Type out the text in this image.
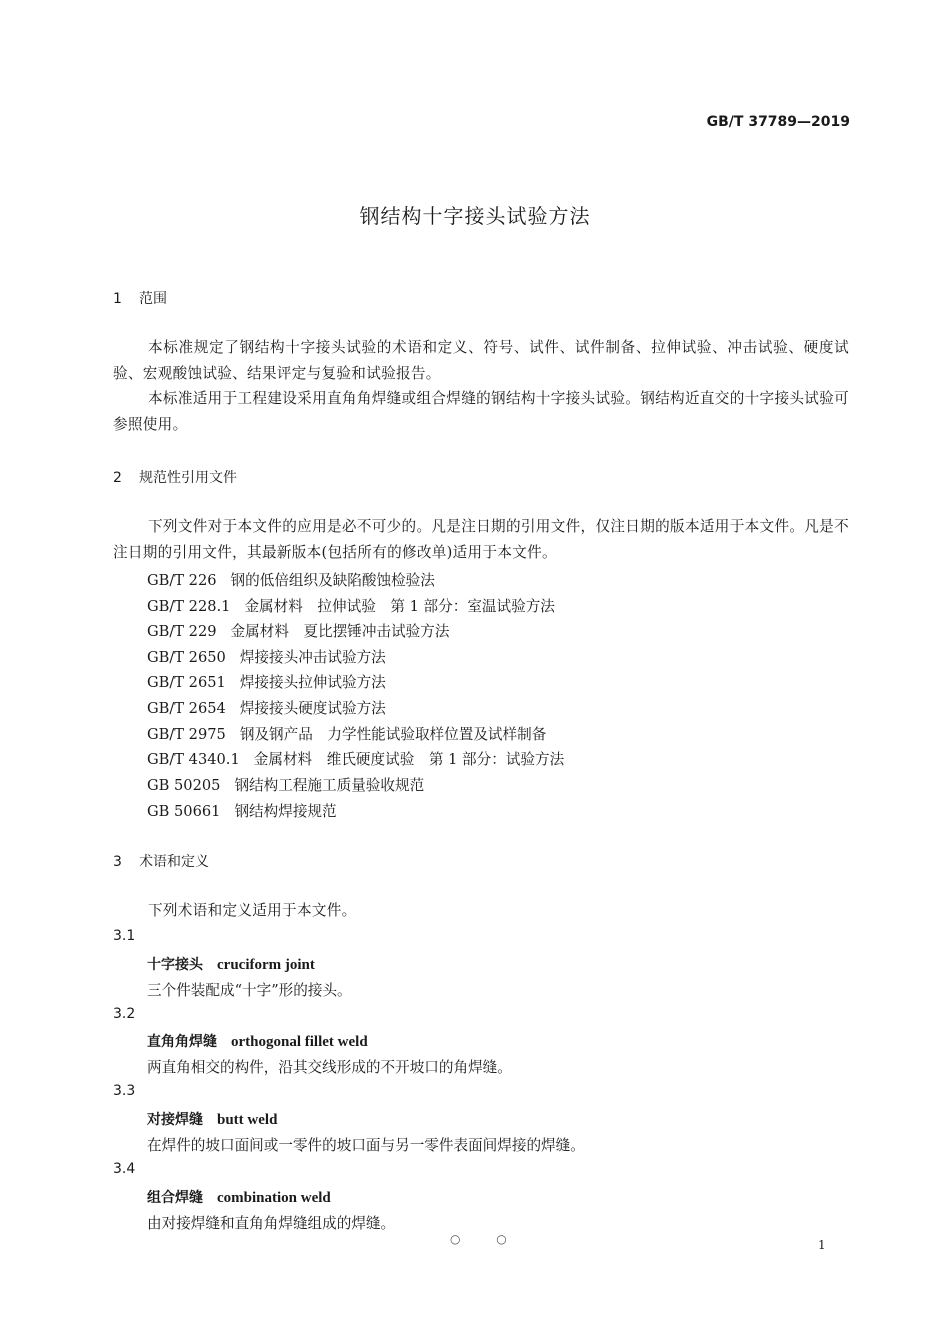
GB/T 37789—2019
钢结构十字接头试验方法
1 范围
本标准规定了钢结构十字接头试验的术语和定义、符号、试件、试件制备、拉伸试验、冲击试验、硬度试验、宏观酸蚀试验、结果评定与复验和试验报告。
本标准适用于工程建设采用直角角焊缝或组合焊缝的钢结构十字接头试验。钢结构近直交的十字接头试验可参照使用。
2 规范性引用文件
下列文件对于本文件的应用是必不可少的。凡是注日期的引用文件，仅注日期的版本适用于本文件。凡是不注日期的引用文件，其最新版本(包括所有的修改单)适用于本文件。
GB/T 226 钢的低倍组织及缺陷酸蚀检验法
GB/T 228.1 金属材料　拉伸试验　第 1 部分：室温试验方法
GB/T 229 金属材料　夏比摆锤冲击试验方法
GB/T 2650 焊接接头冲击试验方法
GB/T 2651 焊接接头拉伸试验方法
GB/T 2654 焊接接头硬度试验方法
GB/T 2975 钢及钢产品　力学性能试验取样位置及试样制备
GB/T 4340.1 金属材料　维氏硬度试验　第 1 部分：试验方法
GB 50205 钢结构工程施工质量验收规范
GB 50661 钢结构焊接规范
3 术语和定义
下列术语和定义适用于本文件。
3.1
十字接头 cruciform joint
三个件装配成“十字”形的接头。
3.2
直角角焊缝 orthogonal fillet weld
两直角相交的构件，沿其交线形成的不开坡口的角焊缝。
3.3
对接焊缝 butt weld
在焊件的坡口面间或一零件的坡口面与另一零件表面间焊接的焊缝。
3.4
组合焊缝 combination weld
由对接焊缝和直角角焊缝组成的焊缝。
○ ○	1
